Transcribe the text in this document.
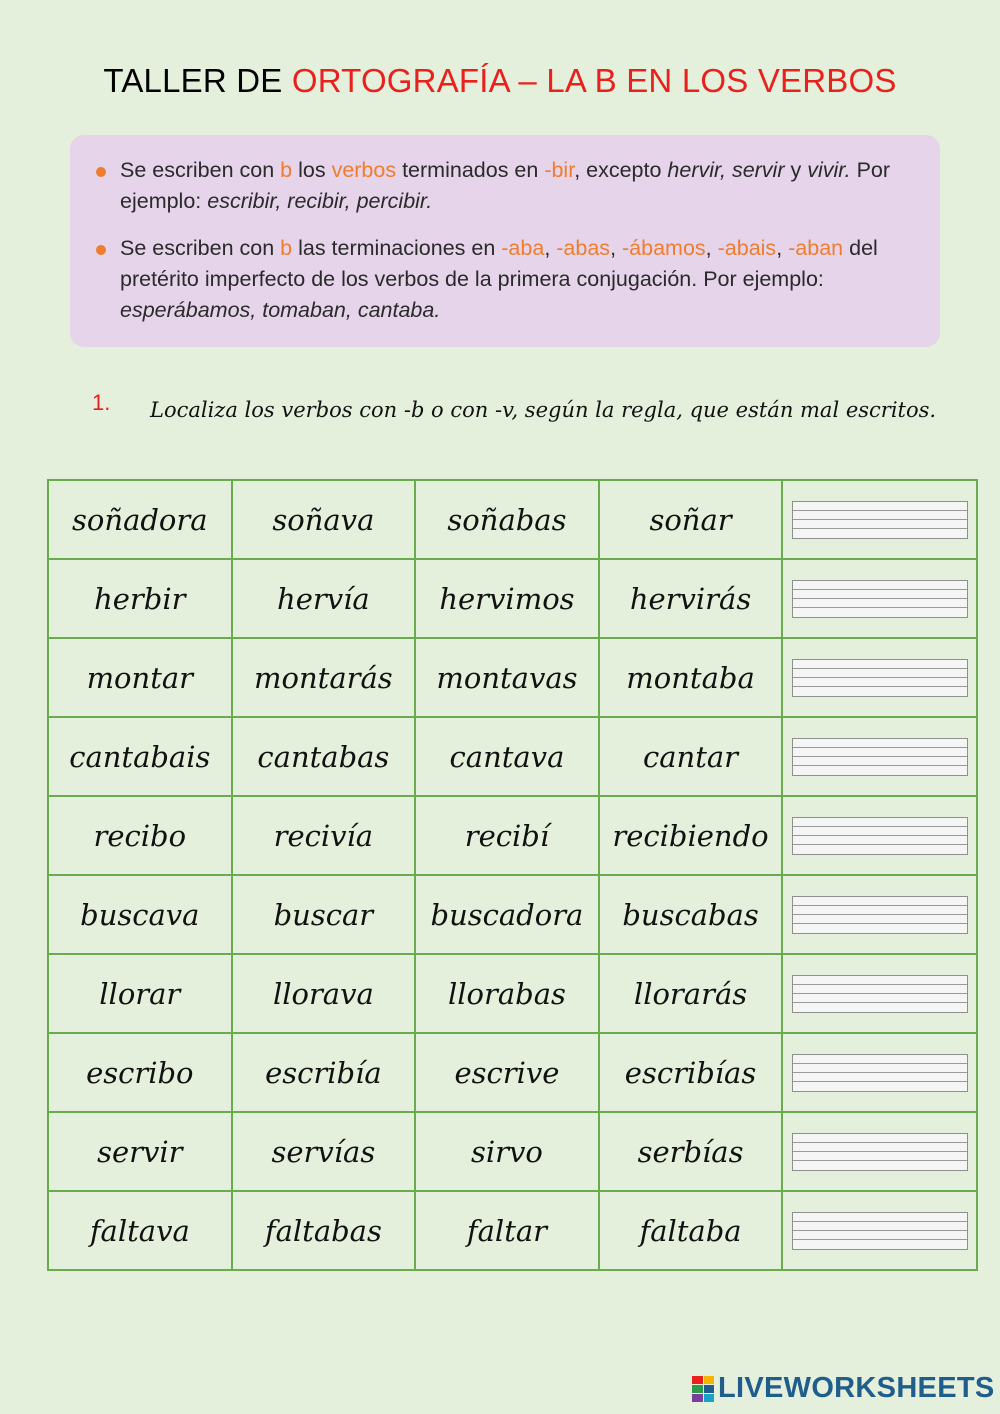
TALLER DE ORTOGRAFÍA – LA B EN LOS VERBOS
Se escriben con b los verbos terminados en -bir, excepto hervir, servir y vivir. Por ejemplo: escribir, recibir, percibir.
Se escriben con b las terminaciones en -aba, -abas, -ábamos, -abais, -aban del pretérito imperfecto de los verbos de la primera conjugación. Por ejemplo: esperábamos, tomaban, cantaba.
1. Localiza los verbos con -b o con -v, según la regla, que están mal escritos.
soñadora	soñava	soñabas	soñar	

herbir	hervía	hervimos	hervirás	

montar	montarás	montavas	montaba	

cantabais	cantabas	cantava	cantar	

recibo	recivía	recibí	recibiendo	

buscava	buscar	buscadora	buscabas	

llorar	llorava	llorabas	llorarás	

escribo	escribía	escrive	escribías	

servir	servías	sirvo	serbías	

faltava	faltabas	faltar	faltaba	
LIVEWORKSHEETS
